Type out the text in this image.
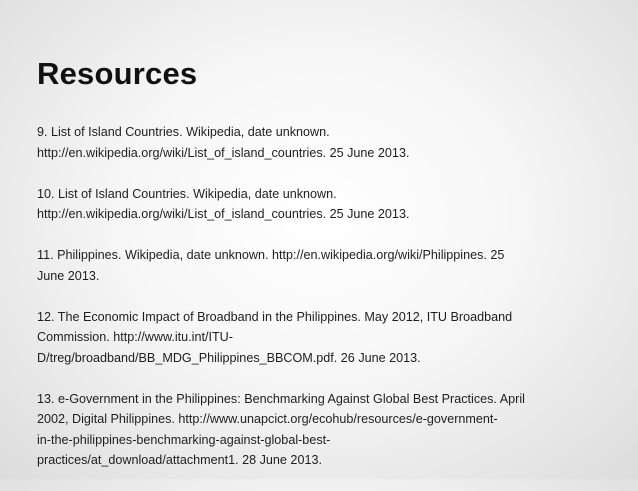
Resources

9. List of Island Countries. Wikipedia, date unknown.
http://en.wikipedia.org/wiki/List_of_island_countries. 25 June 2013.

10. List of Island Countries. Wikipedia, date unknown.
http://en.wikipedia.org/wiki/List_of_island_countries. 25 June 2013.

11. Philippines. Wikipedia, date unknown. http://en.wikipedia.org/wiki/Philippines. 25
June 2013.

12. The Economic Impact of Broadband in the Philippines. May 2012, ITU Broadband
Commission. http://www.itu.int/ITU-
D/treg/broadband/BB_MDG_Philippines_BBCOM.pdf. 26 June 2013.

13. e-Government in the Philippines: Benchmarking Against Global Best Practices. April
2002, Digital Philippines. http://www.unapcict.org/ecohub/resources/e-government-
in-the-philippines-benchmarking-against-global-best-
practices/at_download/attachment1. 28 June 2013.
